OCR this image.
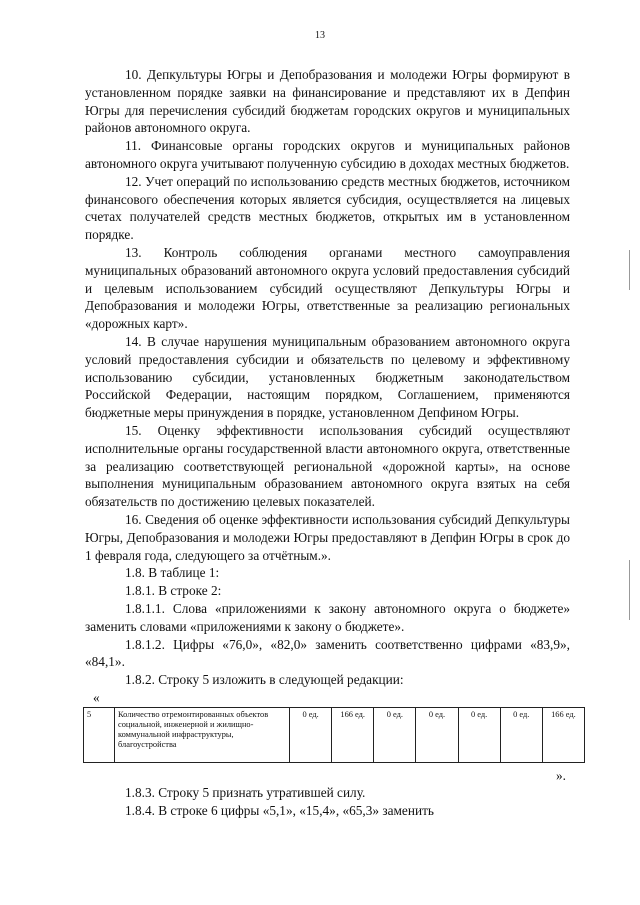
13

10. Депкультуры Югры и Депобразования и молодежи Югры формируют в установленном порядке заявки на финансирование и представляют их в Депфин Югры для перечисления субсидий бюджетам городских округов и муниципальных районов автономного округа.

11. Финансовые органы городских округов и муниципальных районов автономного округа учитывают полученную субсидию в доходах местных бюджетов.

12. Учет операций по использованию средств местных бюджетов, источником финансового обеспечения которых является субсидия, осуществляется на лицевых счетах получателей средств местных бюджетов, открытых им в установленном порядке.

13. Контроль соблюдения органами местного самоуправления муниципальных образований автономного округа условий предоставления субсидий и целевым использованием субсидий осуществляют Депкультуры Югры и Депобразования и молодежи Югры, ответственные за реализацию региональных «дорожных карт».

14. В случае нарушения муниципальным образованием автономного округа условий предоставления субсидии и обязательств по целевому и эффективному использованию субсидии, установленных бюджетным законодательством Российской Федерации, настоящим порядком, Соглашением, применяются бюджетные меры принуждения в порядке, установленном Депфином Югры.

15. Оценку эффективности использования субсидий осуществляют исполнительные органы государственной власти автономного округа, ответственные за реализацию соответствующей региональной «дорожной карты», на основе выполнения муниципальным образованием автономного округа взятых на себя обязательств по достижению целевых показателей.

16. Сведения об оценке эффективности использования субсидий Депкультуры Югры, Депобразования и молодежи Югры предоставляют в Депфин Югры в срок до 1 февраля года, следующего за отчётным.».

1.8. В таблице 1:

1.8.1. В строке 2:

1.8.1.1. Слова «приложениями к закону автономного округа о бюджете» заменить словами «приложениями к закону о бюджете».

1.8.1.2. Цифры «76,0», «82,0» заменить соответственно цифрами «83,9», «84,1».

1.8.2. Строку 5 изложить в следующей редакции:

«
5	Количество отремонтированных объектов социальной, инженерной и жилищно-коммунальной инфраструктуры, благоустройства	0 ед.	166 ед.	0 ед.	0 ед.	0 ед.	0 ед.	166 ед.
».

1.8.3. Строку 5 признать утратившей силу.

1.8.4. В строке 6 цифры «5,1», «15,4», «65,3» заменить
